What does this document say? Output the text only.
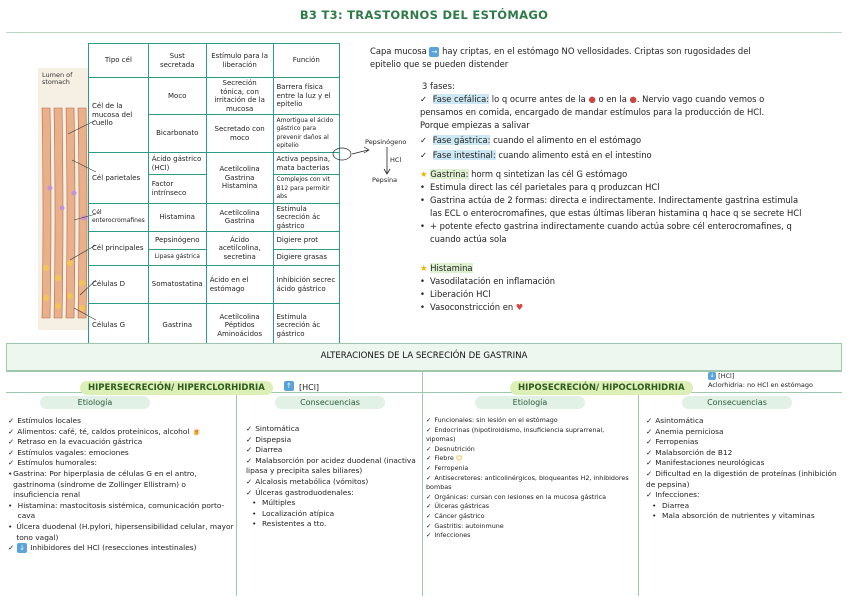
B3 T3: TRASTORNOS DEL ESTÓMAGO
Lumen of
stomach
Tipo cél	Sust secretada	Estímulo para la liberación	Función
Cél de la mucosa del cuello	Moco	Secreción tónica, con irritación de la mucosa	Barrera física entre la luz y el epitelio
	Bicarbonato	Secretado con moco	Amortigua el ácido gástrico para prevenir daños al epitelio
Cél parietales	Ácido gástrico (HCl)	Acetilcolina Gastrina Histamina	Activa pepsina, mata bacterias
	Factor intrínseco		Complejos con vit B12 para permitir abs
Cél enterocromafines	Histamina	Acetilcolina Gastrina	Estimula secreción ác gástrico
Cél principales	Pepsinógeno	Ácido acetilcolina, secretina	Digiere prot
	Lipasa gástrica		Digiere grasas
Células D	Somatostatina	Ácido en el estómago	Inhibición secrec ácido gástrico
Células G	Gastrina	Acetilcolina Péptidos Aminoácidos	Estimula secreción ác gástrico
Pepsinógeno
HCl
Pepsina
Capa mucosa → hay criptas, en el estómago NO vellosidades. Criptas son rugosidades del
epitelio que se pueden distender
3 fases:
✓ Fase cefálica: lo q ocurre antes de la ● o en la ●. Nervio vago cuando vemos o
pensamos en comida, encargado de mandar estímulos para la producción de HCl.
Porque empiezas a salivar
✓ Fase gástrica: cuando el alimento en el estómago
✓ Fase intestinal: cuando alimento está en el intestino
★ Gastrina: horm q sintetizan las cél G estómago
• Estimula direct las cél parietales para q produzcan HCl
• Gastrina actúa de 2 formas: directa e indirectamente. Indirectamente gastrina estimula
las ECL o enterocromafines, que estas últimas liberan histamina q hace q se secrete HCl
• + potente efecto gastrina indirectamente cuando actúa sobre cél enterocromafines, q
cuando actúa sola
★ Histamina
• Vasodilatación en inflamación
• Liberación HCl
• Vasoconstricción en ♥
ALTERACIONES DE LA SECRECIÓN DE GASTRINA
HIPERSECRECIÓN/ HIPERCLORHIDRIA	↑ [HCl]	HIPOSECRECIÓN/ HIPOCLORHIDRIA
↓ [HCl]
Aclorhidria: no HCl en estómago
Etiología	Consecuencias	Etiología	Consecuencias
✓ Estímulos locales
✓ Alimentos: café, té, caldos proteínicos, alcohol 🍺
✓ Retraso en la evacuación gástrica
✓ Estímulos vagales: emociones
✓ Estímulos humorales:
• Gastrina: Por hiperplasia de células G en el antro, gastrinoma (síndrome de Zollinger Ellistram) o insuficiencia renal
• Histamina: mastocitosis sistémica, comunicación porto-cava
• Úlcera duodenal (H.pylori, hipersensibilidad celular, mayor tono vagal)
✓ ↓ Inhibidores del HCl (resecciones intestinales)
✓ Sintomática
✓ Dispepsia
✓ Diarrea
✓ Malabsorción por acidez duodenal (inactiva lipasa y precipita sales biliares)
✓ Alcalosis metabólica (vómitos)
✓ Úlceras gastroduodenales:
• Múltiples
• Localización atípica
• Resistentes a tto.
✓ Funcionales: sin lesión en el estómago
✓ Endocrinas (hipotiroidismo, insuficiencia suprarrenal, vipomas)
✓ Desnutrición
✓ Fiebre ☺
✓ Ferropenia
✓ Antisecretores: anticolinérgicos, bloqueantes H2, inhibidores bombas
✓ Orgánicas: cursan con lesiones en la mucosa gástrica
✓ Úlceras gástricas
✓ Cáncer gástrico
✓ Gastritis: autoinmune
✓ Infecciones
✓ Asintomática
✓ Anemia perniciosa
✓ Ferropenias
✓ Malabsorción de B12
✓ Manifestaciones neurológicas
✓ Dificultad en la digestión de proteínas (inhibición de pepsina)
✓ Infecciones:
• Diarrea
• Mala absorción de nutrientes y vitaminas
